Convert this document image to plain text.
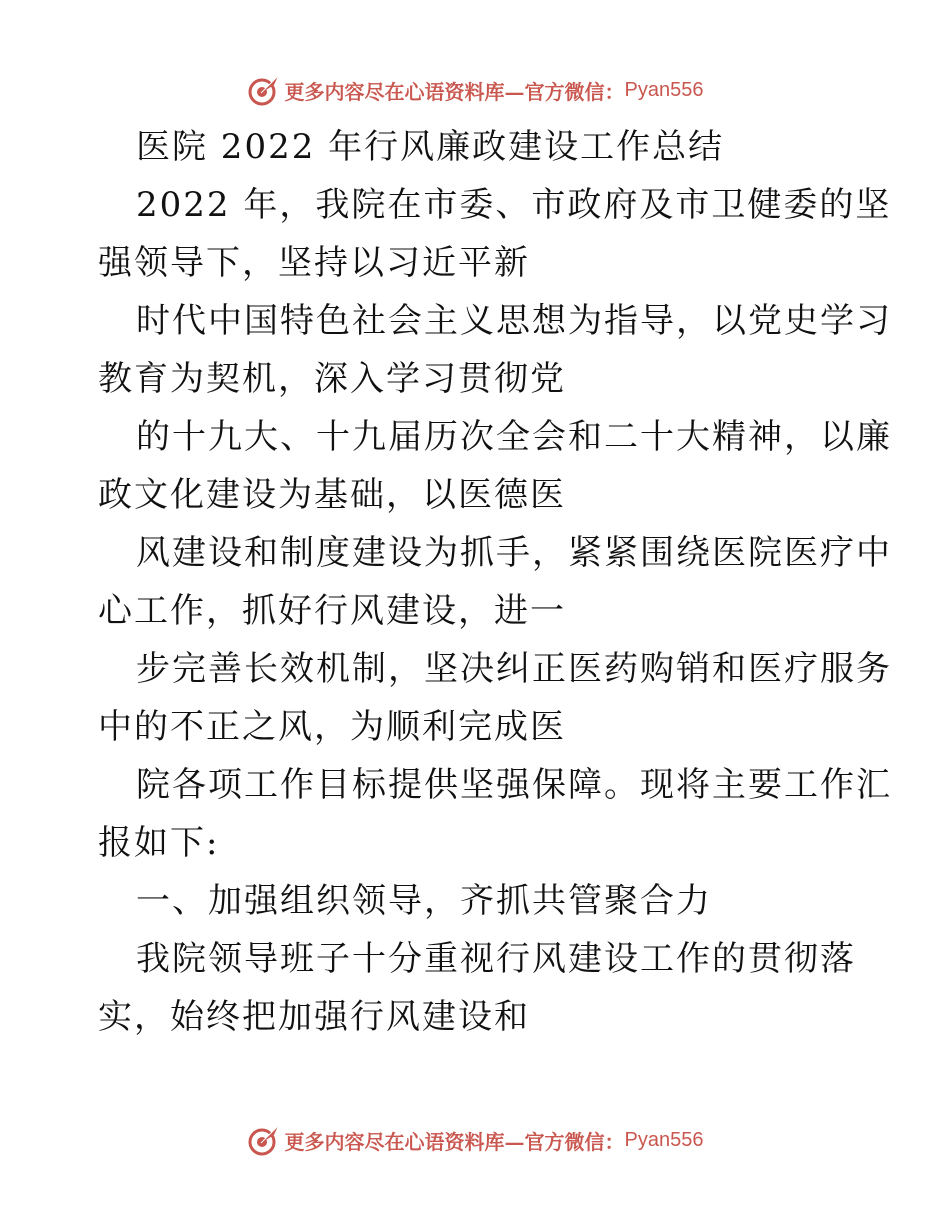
更多内容尽在心语资料库—官方微信： Pyan556
医院 2022 年行风廉政建设工作总结
2022 年，我院在市委、市政府及市卫健委的坚
强领导下，坚持以习近平新
时代中国特色社会主义思想为指导，以党史学习
教育为契机，深入学习贯彻党
的十九大、十九届历次全会和二十大精神，以廉
政文化建设为基础，以医德医
风建设和制度建设为抓手，紧紧围绕医院医疗中
心工作，抓好行风建设，进一
步完善长效机制，坚决纠正医药购销和医疗服务
中的不正之风，为顺利完成医
院各项工作目标提供坚强保障。现将主要工作汇
报如下:
一、加强组织领导，齐抓共管聚合力
我院领导班子十分重视行风建设工作的贯彻落
实，始终把加强行风建设和
更多内容尽在心语资料库—官方微信： Pyan556
